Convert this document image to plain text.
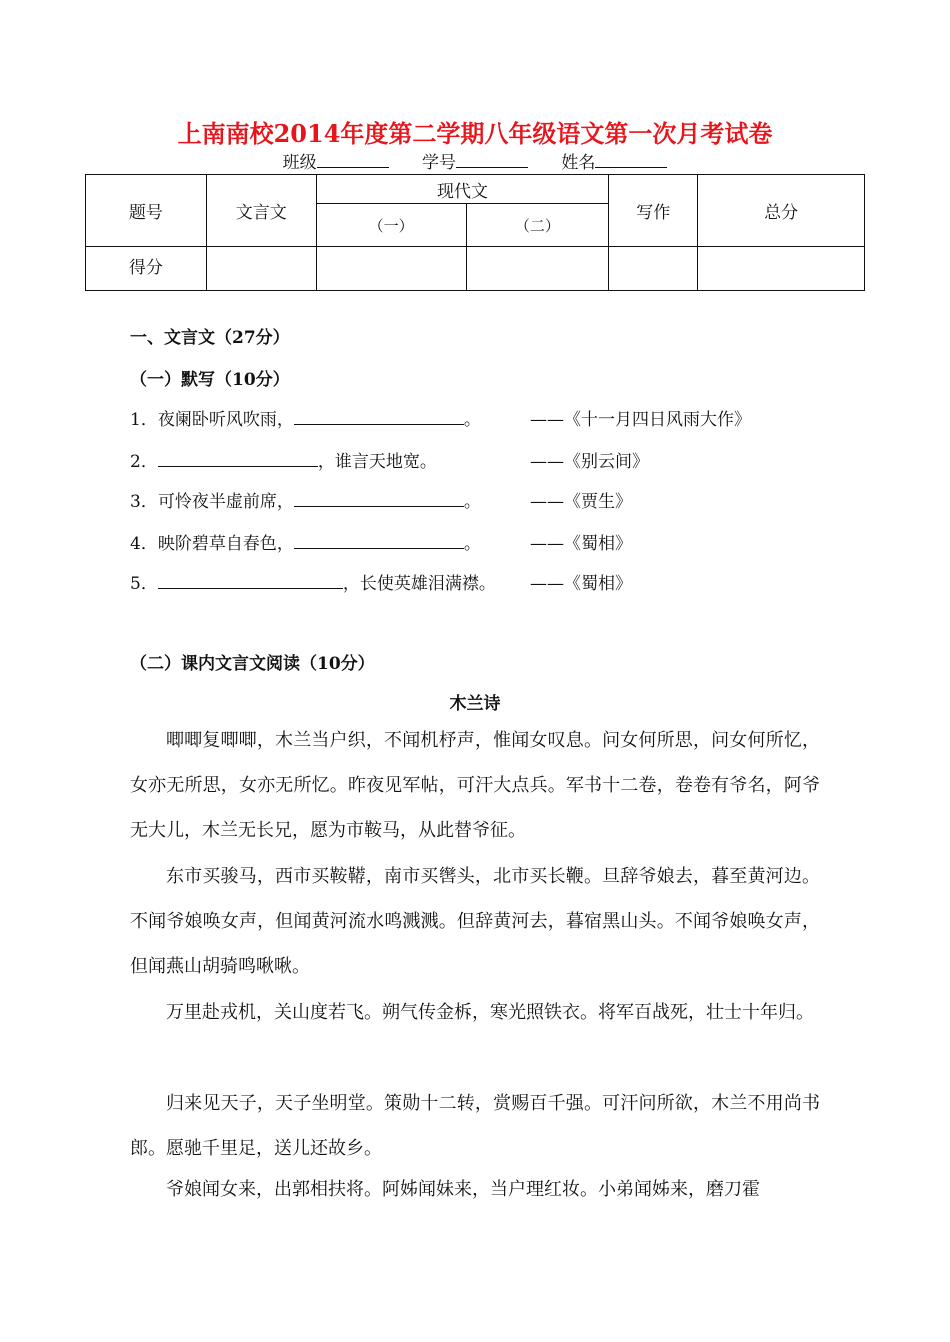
上南南校2014年度第二学期八年级语文第一次月考试卷
班级	学号	姓名
题号	文言文	现代文		写作	总分
		（一）	（二）		
得分					
一、文言文（27分）
（一）默写（10分）
1．夜阑卧听风吹雨，	。	——《十一月四日风雨大作》
2．	，谁言天地宽。	——《别云间》
3．可怜夜半虚前席，	。	——《贾生》
4．映阶碧草自春色，	。	——《蜀相》
5．	，长使英雄泪满襟。 ——《蜀相》
（二）课内文言文阅读（10分）
木兰诗
唧唧复唧唧，木兰当户织，不闻机杼声，惟闻女叹息。问女何所思，问女何所忆，女亦无所思，女亦无所忆。昨夜见军帖，可汗大点兵。军书十二卷，卷卷有爷名，阿爷无大儿，木兰无长兄，愿为市鞍马，从此替爷征。
东市买骏马，西市买鞍鞯，南市买辔头，北市买长鞭。旦辞爷娘去，暮至黄河边。不闻爷娘唤女声，但闻黄河流水鸣溅溅。但辞黄河去，暮宿黑山头。不闻爷娘唤女声，但闻燕山胡骑鸣啾啾。
万里赴戎机，关山度若飞。朔气传金柝，寒光照铁衣。将军百战死，壮士十年归。
归来见天子，天子坐明堂。策勋十二转，赏赐百千强。可汗问所欲，木兰不用尚书郎。愿驰千里足，送儿还故乡。
爷娘闻女来，出郭相扶将。阿姊闻妹来，当户理红妆。小弟闻姊来，磨刀霍
